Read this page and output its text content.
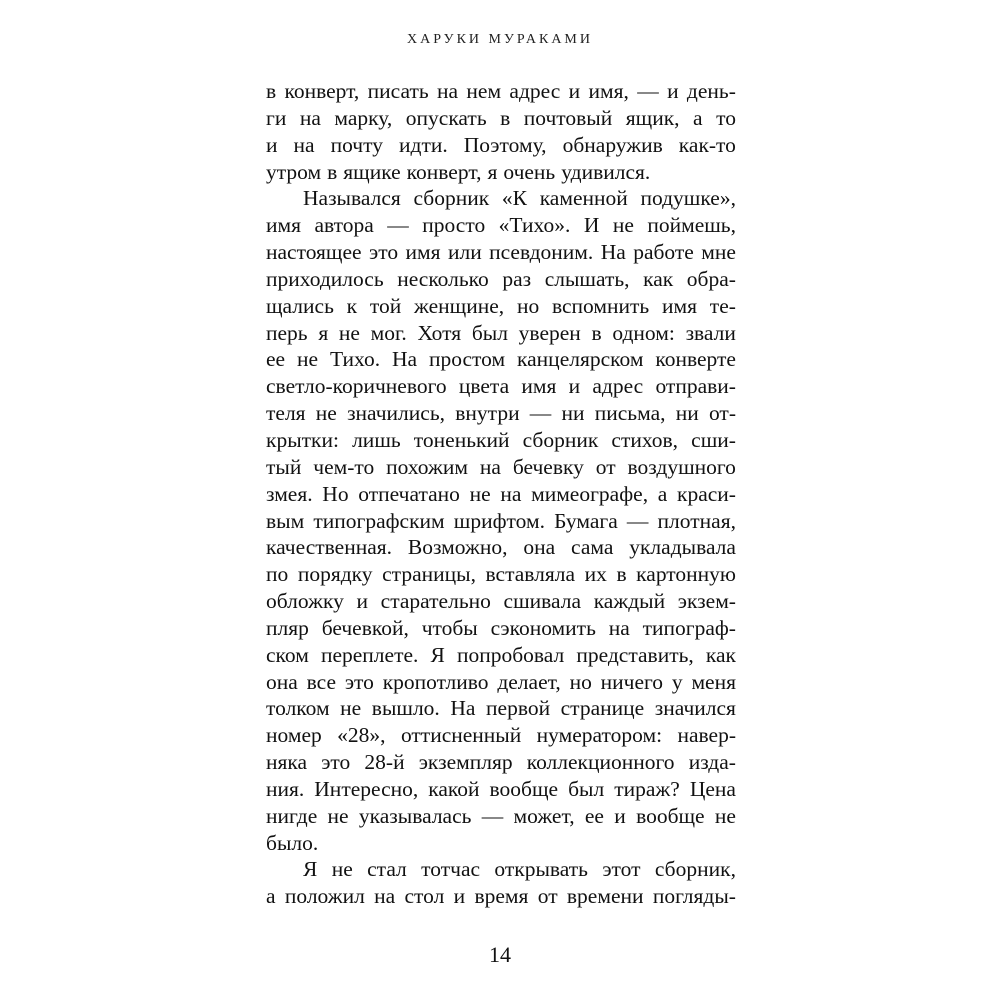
ХАРУКИ МУРАКАМИ
в конверт, писать на нем адрес и имя, — и день-
ги на марку, опускать в почтовый ящик, а то
и на почту идти. Поэтому, обнаружив как-то
утром в ящике конверт, я очень удивился.
Назывался сборник «К каменной подушке»,
имя автора — просто «Тихо». И не поймешь,
настоящее это имя или псевдоним. На работе мне
приходилось несколько раз слышать, как обра-
щались к той женщине, но вспомнить имя те-
перь я не мог. Хотя был уверен в одном: звали
ее не Тихо. На простом канцелярском конверте
светло-коричневого цвета имя и адрес отправи-
теля не значились, внутри — ни письма, ни от-
крытки: лишь тоненький сборник стихов, сши-
тый чем-то похожим на бечевку от воздушного
змея. Но отпечатано не на мимеографе, а краси-
вым типографским шрифтом. Бумага — плотная,
качественная. Возможно, она сама укладывала
по порядку страницы, вставляла их в картонную
обложку и старательно сшивала каждый экзем-
пляр бечевкой, чтобы сэкономить на типограф-
ском переплете. Я попробовал представить, как
она все это кропотливо делает, но ничего у меня
толком не вышло. На первой странице значился
номер «28», оттисненный нумератором: навер-
няка это 28-й экземпляр коллекционного изда-
ния. Интересно, какой вообще был тираж? Цена
нигде не указывалась — может, ее и вообще не
было.
Я не стал тотчас открывать этот сборник,
а положил на стол и время от времени погляды-
14
